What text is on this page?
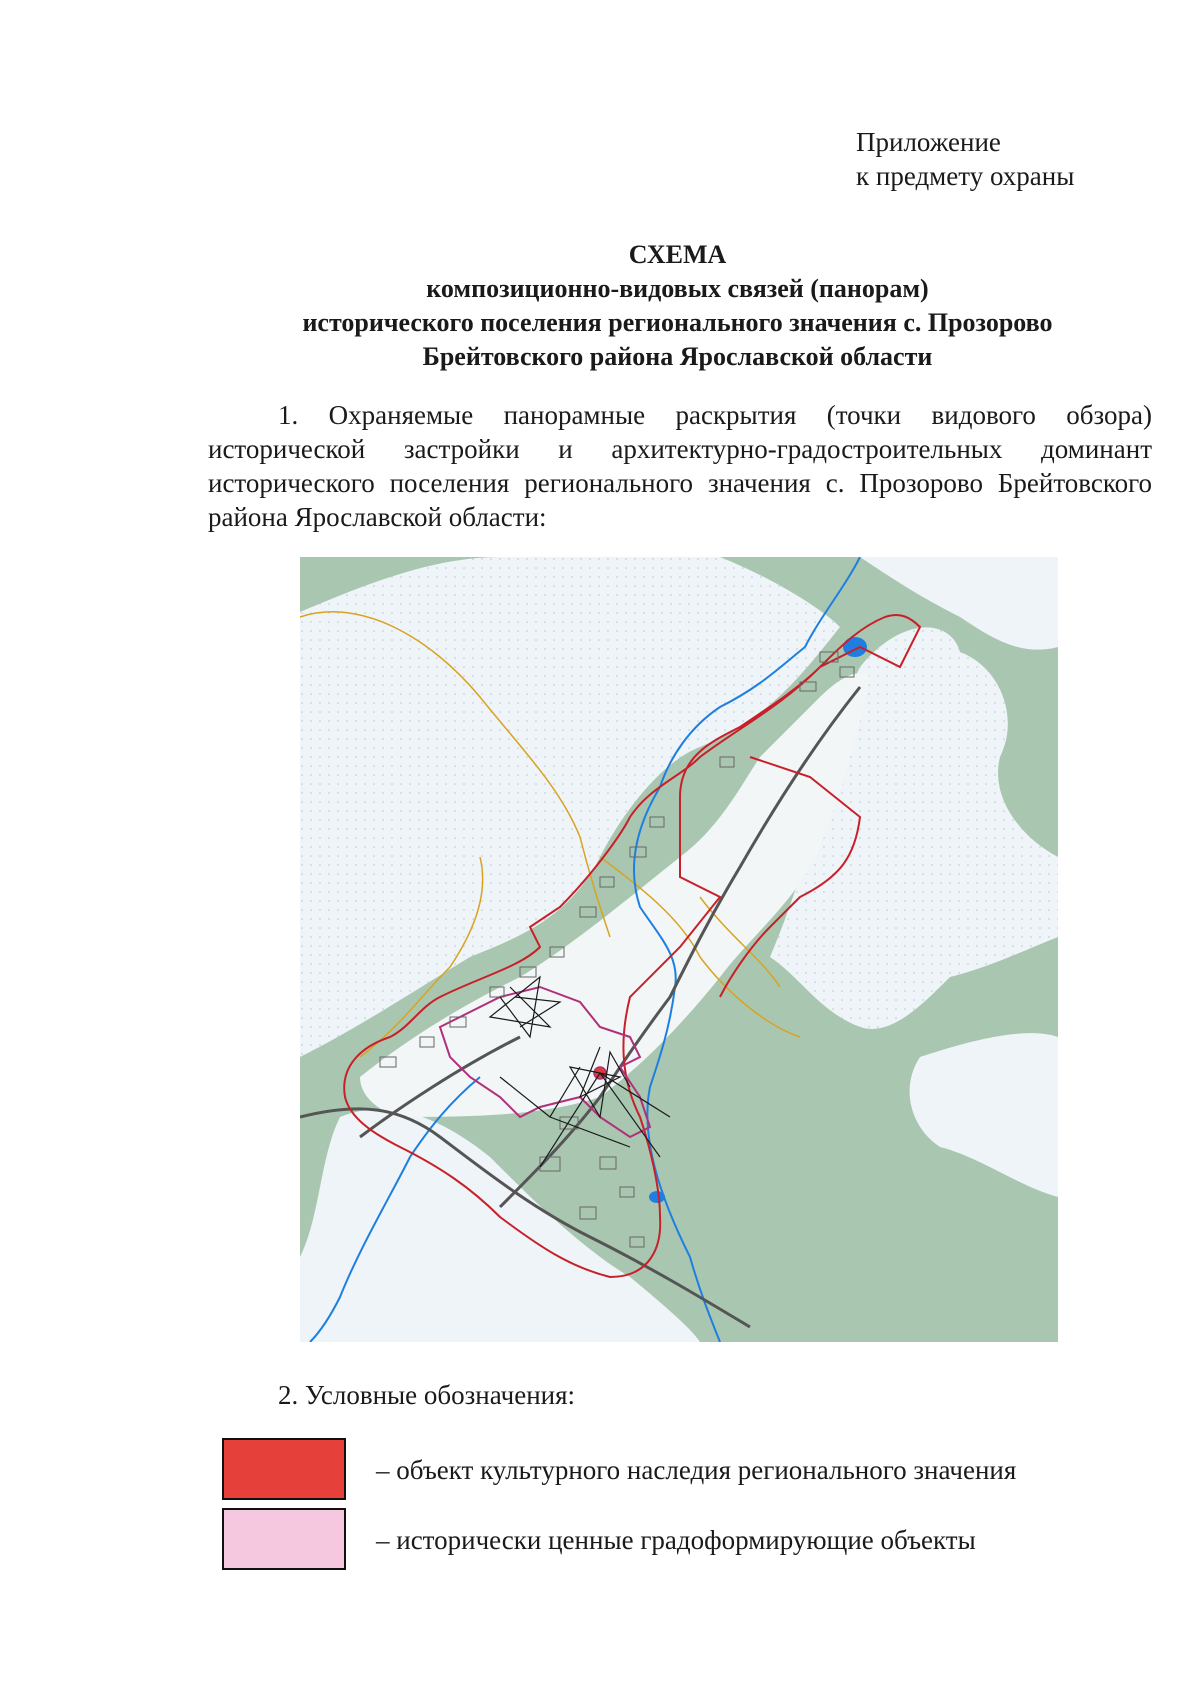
Приложение
к предмету охраны
СХЕМА
композиционно-видовых связей (панорам)
исторического поселения регионального значения с. Прозорово
Брейтовского района Ярославской области
1. Охраняемые панорамные раскрытия (точки видового обзора) исторической застройки и архитектурно-градостроительных доминант исторического поселения регионального значения с. Прозорово Брейтовского района Ярославской области:
2. Условные обозначения:
– объект культурного наследия регионального значения
– исторически ценные градоформирующие объекты
